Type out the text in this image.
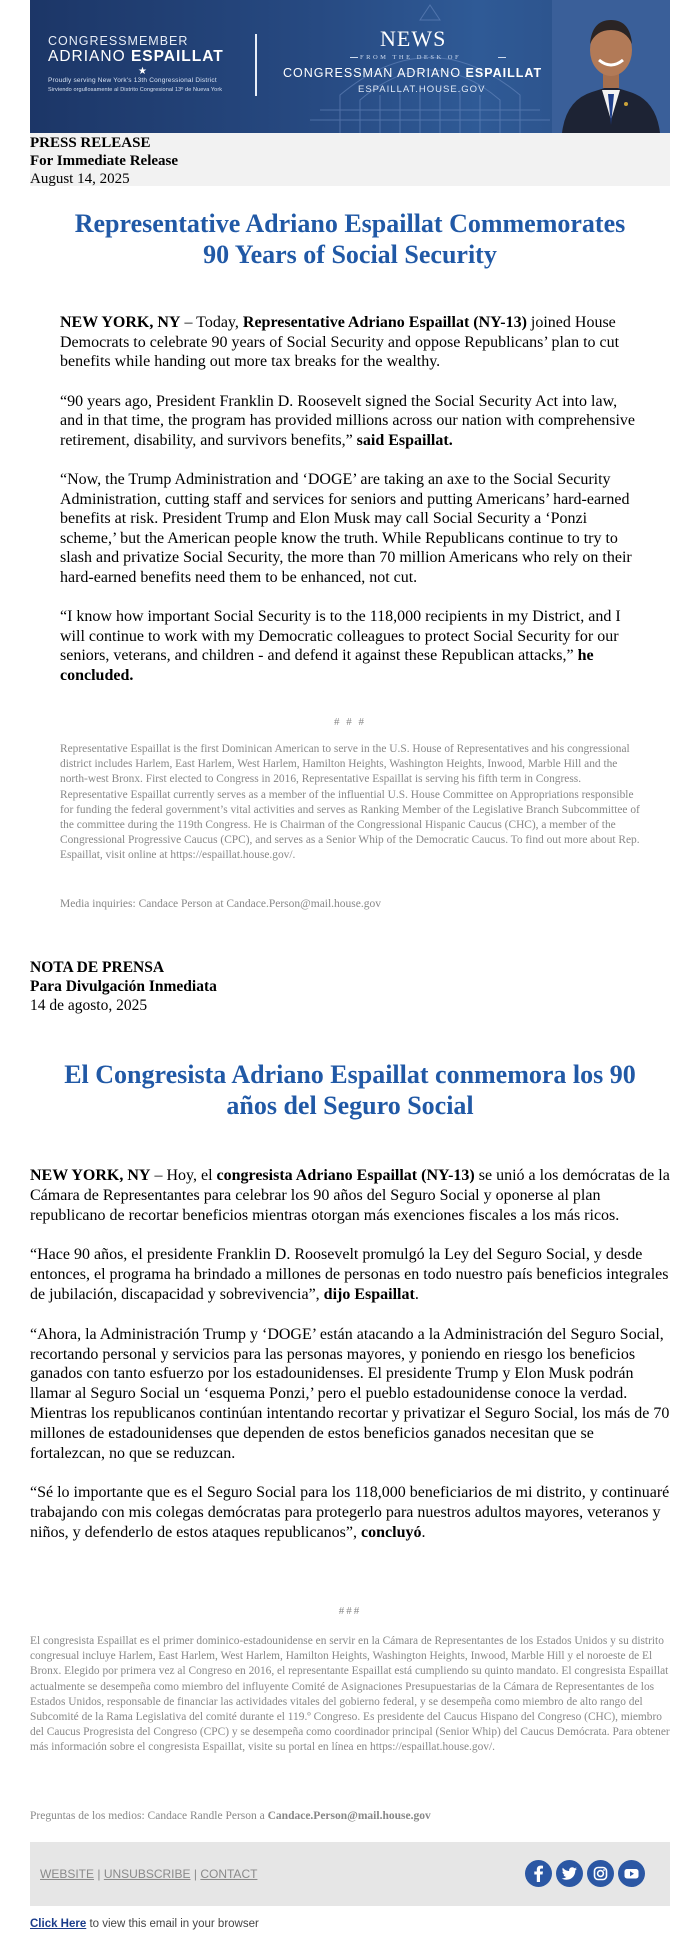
CONGRESSMEMBER
ADRIANO ESPAILLAT
★
Proudly serving New York's 13th Congressional District
Sirviendo orgullosamente al Distrito Congresional 13º de Nueva York
NEWS
FROM THE DESK OF
CONGRESSMAN ADRIANO ESPAILLAT
ESPAILLAT.HOUSE.GOV

PRESS RELEASE

For Immediate Release

August 14, 2025

Representative Adriano Espaillat Commemorates
90 Years of Social Security

NEW YORK, NY – Today, Representative Adriano Espaillat (NY-13) joined House Democrats to celebrate 90 years of Social Security and oppose Republicans’ plan to cut benefits while handing out more tax breaks for the wealthy.

“90 years ago, President Franklin D. Roosevelt signed the Social Security Act into law, and in that time, the program has provided millions across our nation with comprehensive retirement, disability, and survivors benefits,” said Espaillat.

“Now, the Trump Administration and ‘DOGE’ are taking an axe to the Social Security Administration, cutting staff and services for seniors and putting Americans’ hard-earned benefits at risk. President Trump and Elon Musk may call Social Security a ‘Ponzi scheme,’ but the American people know the truth. While Republicans continue to try to slash and privatize Social Security, the more than 70 million Americans who rely on their hard-earned benefits need them to be enhanced, not cut.

“I know how important Social Security is to the 118,000 recipients in my District, and I will continue to work with my Democratic colleagues to protect Social Security for our seniors, veterans, and children - and defend it against these Republican attacks,” he concluded.

# # #
Representative Espaillat is the first Dominican American to serve in the U.S. House of Representatives and his congressional district includes Harlem, East Harlem, West Harlem, Hamilton Heights, Washington Heights, Inwood, Marble Hill and the north-west Bronx. First elected to Congress in 2016, Representative Espaillat is serving his fifth term in Congress. Representative Espaillat currently serves as a member of the influential U.S. House Committee on Appropriations responsible for funding the federal government’s vital activities and serves as Ranking Member of the Legislative Branch Subcommittee of the committee during the 119th Congress. He is Chairman of the Congressional Hispanic Caucus (CHC), a member of the Congressional Progressive Caucus (CPC), and serves as a Senior Whip of the Democratic Caucus. To find out more about Rep. Espaillat, visit online at https://espaillat.house.gov/.
Media inquiries: Candace Person at Candace.Person@mail.house.gov

NOTA DE PRENSA

Para Divulgación Inmediata

14 de agosto, 2025

El Congresista Adriano Espaillat conmemora los 90
años del Seguro Social

NEW YORK, NY – Hoy, el congresista Adriano Espaillat (NY-13) se unió a los demócratas de la Cámara de Representantes para celebrar los 90 años del Seguro Social y oponerse al plan republicano de recortar beneficios mientras otorgan más exenciones fiscales a los más ricos.

“Hace 90 años, el presidente Franklin D. Roosevelt promulgó la Ley del Seguro Social, y desde entonces, el programa ha brindado a millones de personas en todo nuestro país beneficios integrales de jubilación, discapacidad y sobrevivencia”, dijo Espaillat.

“Ahora, la Administración Trump y ‘DOGE’ están atacando a la Administración del Seguro Social, recortando personal y servicios para las personas mayores, y poniendo en riesgo los beneficios ganados con tanto esfuerzo por los estadounidenses. El presidente Trump y Elon Musk podrán llamar al Seguro Social un ‘esquema Ponzi,’ pero el pueblo estadounidense conoce la verdad. Mientras los republicanos continúan intentando recortar y privatizar el Seguro Social, los más de 70 millones de estadounidenses que dependen de estos beneficios ganados necesitan que se fortalezcan, no que se reduzcan.

“Sé lo importante que es el Seguro Social para los 118,000 beneficiarios de mi distrito, y continuaré trabajando con mis colegas demócratas para protegerlo para nuestros adultos mayores, veteranos y niños, y defenderlo de estos ataques republicanos”, concluyó.

###
El congresista Espaillat es el primer dominico-estadounidense en servir en la Cámara de Representantes de los Estados Unidos y su distrito congresual incluye Harlem, East Harlem, West Harlem, Hamilton Heights, Washington Heights, Inwood, Marble Hill y el noroeste de El Bronx. Elegido por primera vez al Congreso en 2016, el representante Espaillat está cumpliendo su quinto mandato. El congresista Espaillat actualmente se desempeña como miembro del influyente Comité de Asignaciones Presupuestarias de la Cámara de Representantes de los Estados Unidos, responsable de financiar las actividades vitales del gobierno federal, y se desempeña como miembro de alto rango del Subcomité de la Rama Legislativa del comité durante el 119.º Congreso. Es presidente del Caucus Hispano del Congreso (CHC), miembro del Caucus Progresista del Congreso (CPC) y se desempeña como coordinador principal (Senior Whip) del Caucus Demócrata. Para obtener más información sobre el congresista Espaillat, visite su portal en línea en https://espaillat.house.gov/.
Preguntas de los medios: Candace Randle Person a Candace.Person@mail.house.gov
WEBSITE | UNSUBSCRIBE | CONTACT
Click Here to view this email in your browser
